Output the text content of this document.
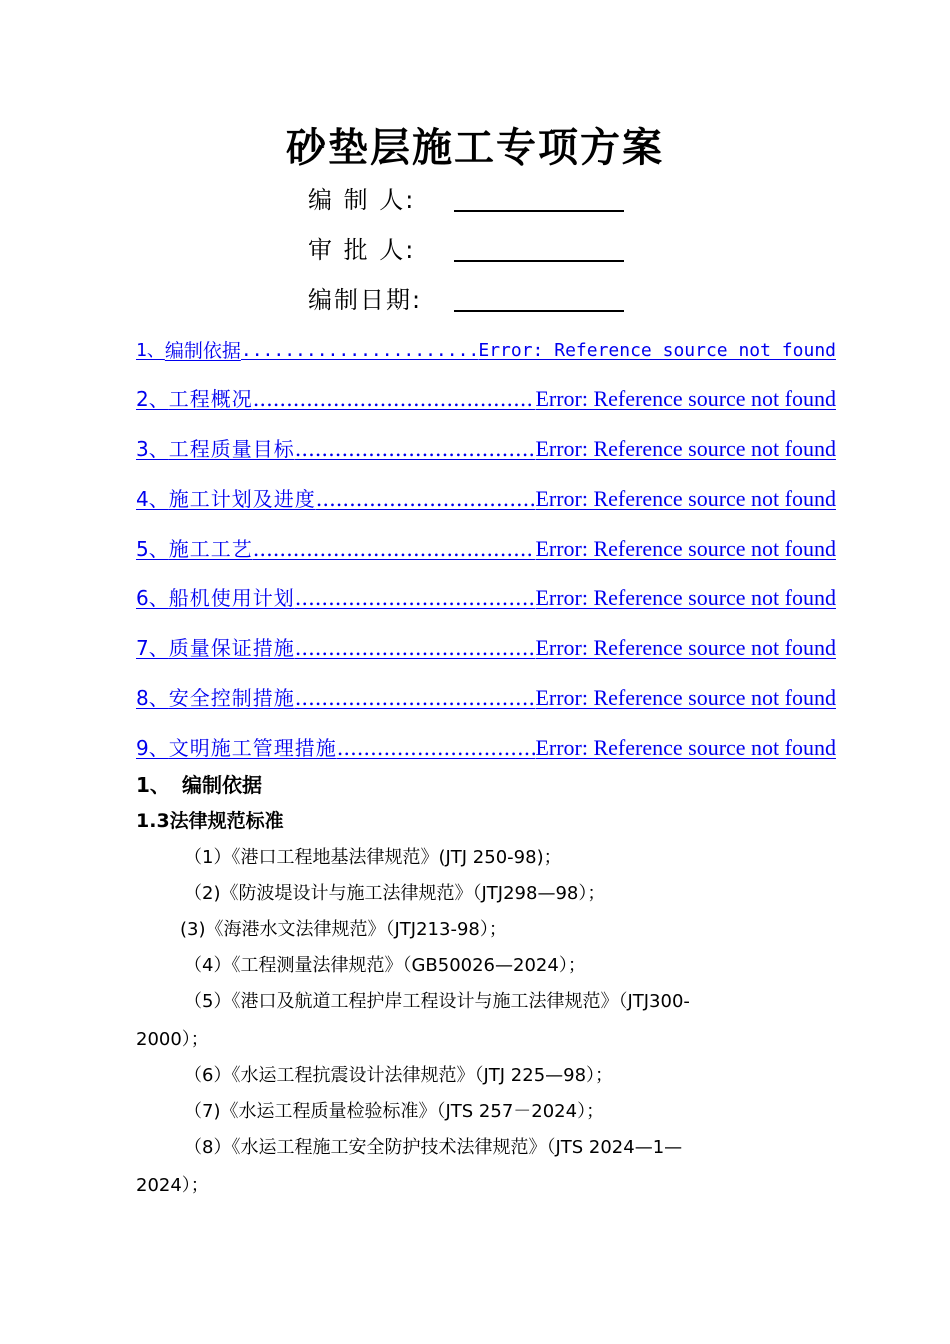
砂垫层施工专项方案
编 制 人:
审 批 人:
编制日期:
1、 编制依据 .....	Error: Reference source not found
2、 工程概况 .....	Error: Reference source not found
3、 工程质量目标 .....	Error: Reference source not found
4、 施工计划及进度 .....	Error: Reference source not found
5、 施工工艺 .....	Error: Reference source not found
6、 船机使用计划 .....	Error: Reference source not found
7、 质量保证措施 .....	Error: Reference source not found
8、 安全控制措施 .....	Error: Reference source not found
9、 文明施工管理措施 .....	Error: Reference source not found
1、 编制依据
1.3法律规范标准
（1）《港口工程地基法律规范》(JTJ 250-98)；
（2)《防波堤设计与施工法律规范》（JTJ298—98）；
(3)《海港水文法律规范》（JTJ213-98）；
（4）《工程测量法律规范》（GB50026—2024）；
（5）《港口及航道工程护岸工程设计与施工法律规范》（JTJ300-
2000）；
（6）《水运工程抗震设计法律规范》（JTJ 225—98）；
（7)《水运工程质量检验标准》（JTS 257－2024）；
（8）《水运工程施工安全防护技术法律规范》（JTS 2024—1—
2024）；
